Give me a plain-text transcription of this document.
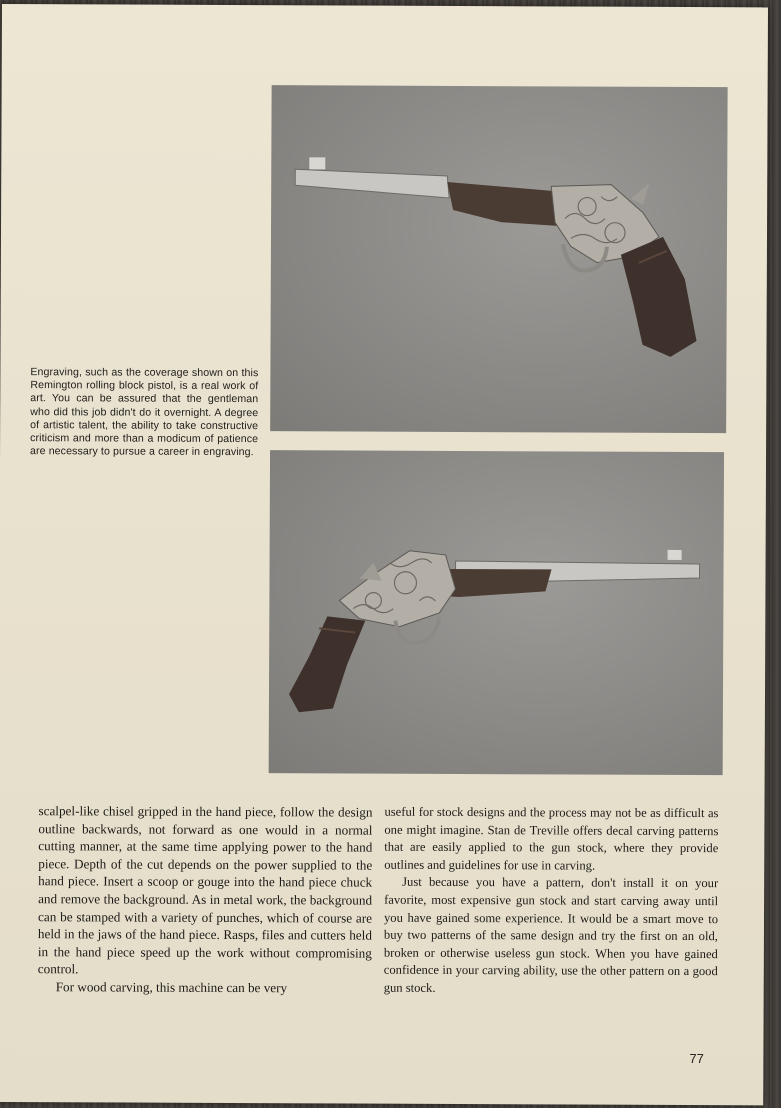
Engraving, such as the coverage shown on this Remington rolling block pistol, is a real work of art. You can be assured that the gentleman who did this job didn't do it overnight. A degree of artistic talent, the ability to take constructive criticism and more than a modicum of patience are necessary to pursue a career in engraving.

scalpel-like chisel gripped in the hand piece, follow the design outline backwards, not forward as one would in a normal cutting manner, at the same time applying power to the hand piece. Depth of the cut depends on the power supplied to the hand piece. Insert a scoop or gouge into the hand piece chuck and remove the background. As in metal work, the background can be stamped with a variety of punches, which of course are held in the jaws of the hand piece. Rasps, files and cutters held in the hand piece speed up the work without compromising control.

For wood carving, this machine can be very

useful for stock designs and the process may not be as difficult as one might imagine. Stan de Treville offers decal carving patterns that are easily applied to the gun stock, where they provide outlines and guidelines for use in carving.

Just because you have a pattern, don't install it on your favorite, most expensive gun stock and start carving away until you have gained some experience. It would be a smart move to buy two patterns of the same design and try the first on an old, broken or otherwise useless gun stock. When you have gained confidence in your carving ability, use the other pattern on a good gun stock.

77
